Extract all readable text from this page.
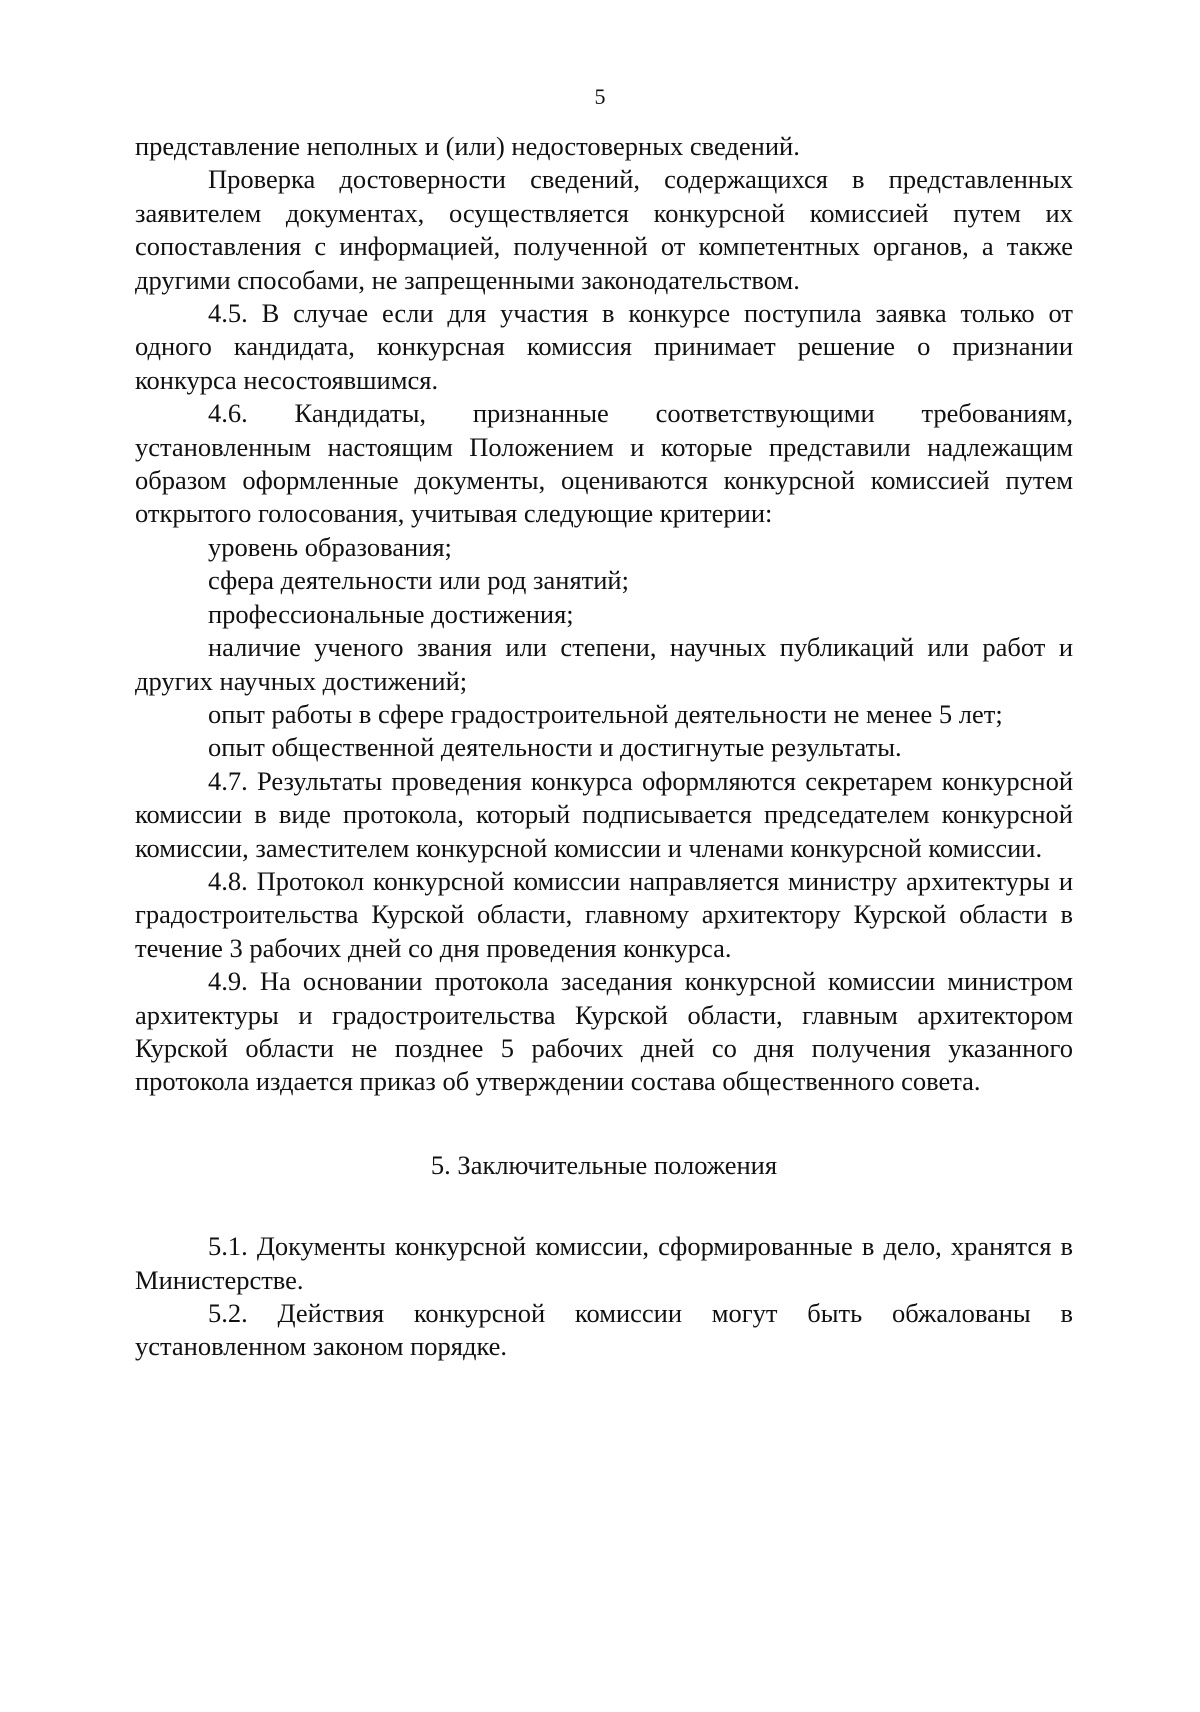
5

представление неполных и (или) недостоверных сведений.

Проверка достоверности сведений, содержащихся в представленных заявителем документах, осуществляется конкурсной комиссией путем их сопоставления с информацией, полученной от компетентных органов, а также другими способами, не запрещенными законодательством.

4.5. В случае если для участия в конкурсе поступила заявка только от одного кандидата, конкурсная комиссия принимает решение о признании конкурса несостоявшимся.

4.6. Кандидаты, признанные соответствующими требованиям, установленным настоящим Положением и которые представили надлежащим образом оформленные документы, оцениваются конкурсной комиссией путем открытого голосования, учитывая следующие критерии:

уровень образования;

сфера деятельности или род занятий;

профессиональные достижения;

наличие ученого звания или степени, научных публикаций или работ и других научных достижений;

опыт работы в сфере градостроительной деятельности не менее 5 лет;

опыт общественной деятельности и достигнутые результаты.

4.7. Результаты проведения конкурса оформляются секретарем конкурсной комиссии в виде протокола, который подписывается председателем конкурсной комиссии, заместителем конкурсной комиссии и членами конкурсной комиссии.

4.8. Протокол конкурсной комиссии направляется министру архитектуры и градостроительства Курской области, главному архитектору Курской области в течение 3 рабочих дней со дня проведения конкурса.

4.9. На основании протокола заседания конкурсной комиссии министром архитектуры и градостроительства Курской области, главным архитектором Курской области не позднее 5 рабочих дней со дня получения указанного протокола издается приказ об утверждении состава общественного совета.

5. Заключительные положения

5.1. Документы конкурсной комиссии, сформированные в дело, хранятся в Министерстве.

5.2. Действия конкурсной комиссии могут быть обжалованы в установленном законом порядке.
